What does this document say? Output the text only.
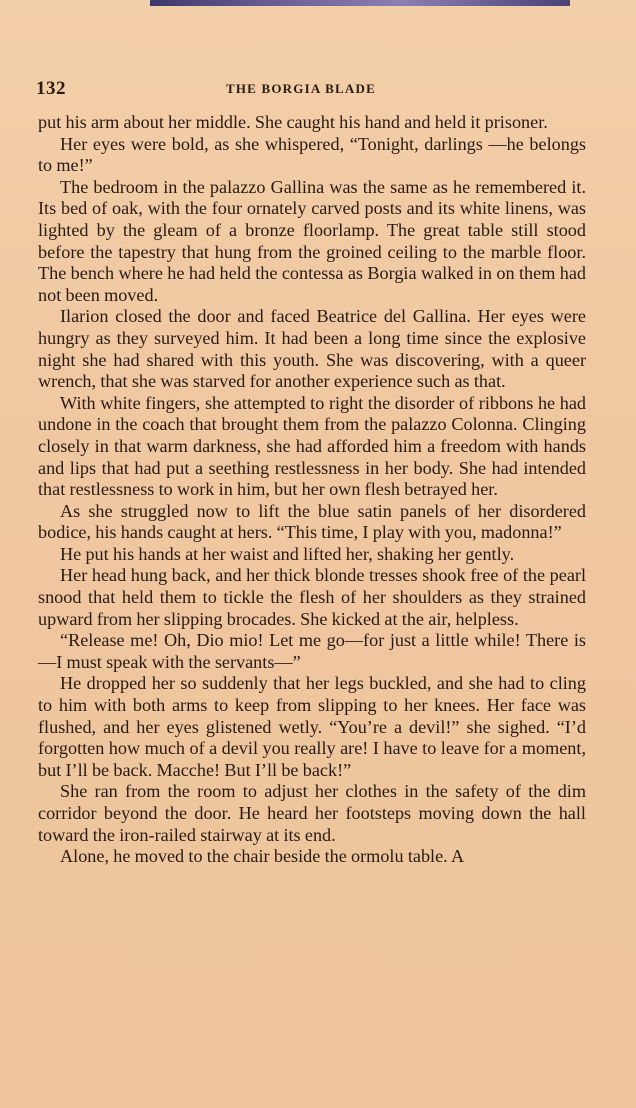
132	THE BORGIA BLADE

put his arm about her middle. She caught his hand and held it prisoner.

Her eyes were bold, as she whispered, “Tonight, darlings —he belongs to me!”

The bedroom in the palazzo Gallina was the same as he remembered it. Its bed of oak, with the four ornately carved posts and its white linens, was lighted by the gleam of a bronze floorlamp. The great table still stood before the tapestry that hung from the groined ceiling to the marble floor. The bench where he had held the contessa as Borgia walked in on them had not been moved.

Ilarion closed the door and faced Beatrice del Gallina. Her eyes were hungry as they surveyed him. It had been a long time since the explosive night she had shared with this youth. She was discovering, with a queer wrench, that she was starved for another experience such as that.

With white fingers, she attempted to right the disorder of ribbons he had undone in the coach that brought them from the palazzo Colonna. Clinging closely in that warm darkness, she had afforded him a freedom with hands and lips that had put a seething restlessness in her body. She had intended that restlessness to work in him, but her own flesh betrayed her.

As she struggled now to lift the blue satin panels of her disordered bodice, his hands caught at hers. “This time, I play with you, madonna!”

He put his hands at her waist and lifted her, shaking her gently.

Her head hung back, and her thick blonde tresses shook free of the pearl snood that held them to tickle the flesh of her shoulders as they strained upward from her slipping brocades. She kicked at the air, helpless.

“Release me! Oh, Dio mio! Let me go—for just a little while! There is—I must speak with the servants—”

He dropped her so suddenly that her legs buckled, and she had to cling to him with both arms to keep from slipping to her knees. Her face was flushed, and her eyes glistened wetly. “You’re a devil!” she sighed. “I’d forgotten how much of a devil you really are! I have to leave for a moment, but I’ll be back. Macche! But I’ll be back!”

She ran from the room to adjust her clothes in the safety of the dim corridor beyond the door. He heard her footsteps moving down the hall toward the iron-railed stairway at its end.

Alone, he moved to the chair beside the ormolu table. A
